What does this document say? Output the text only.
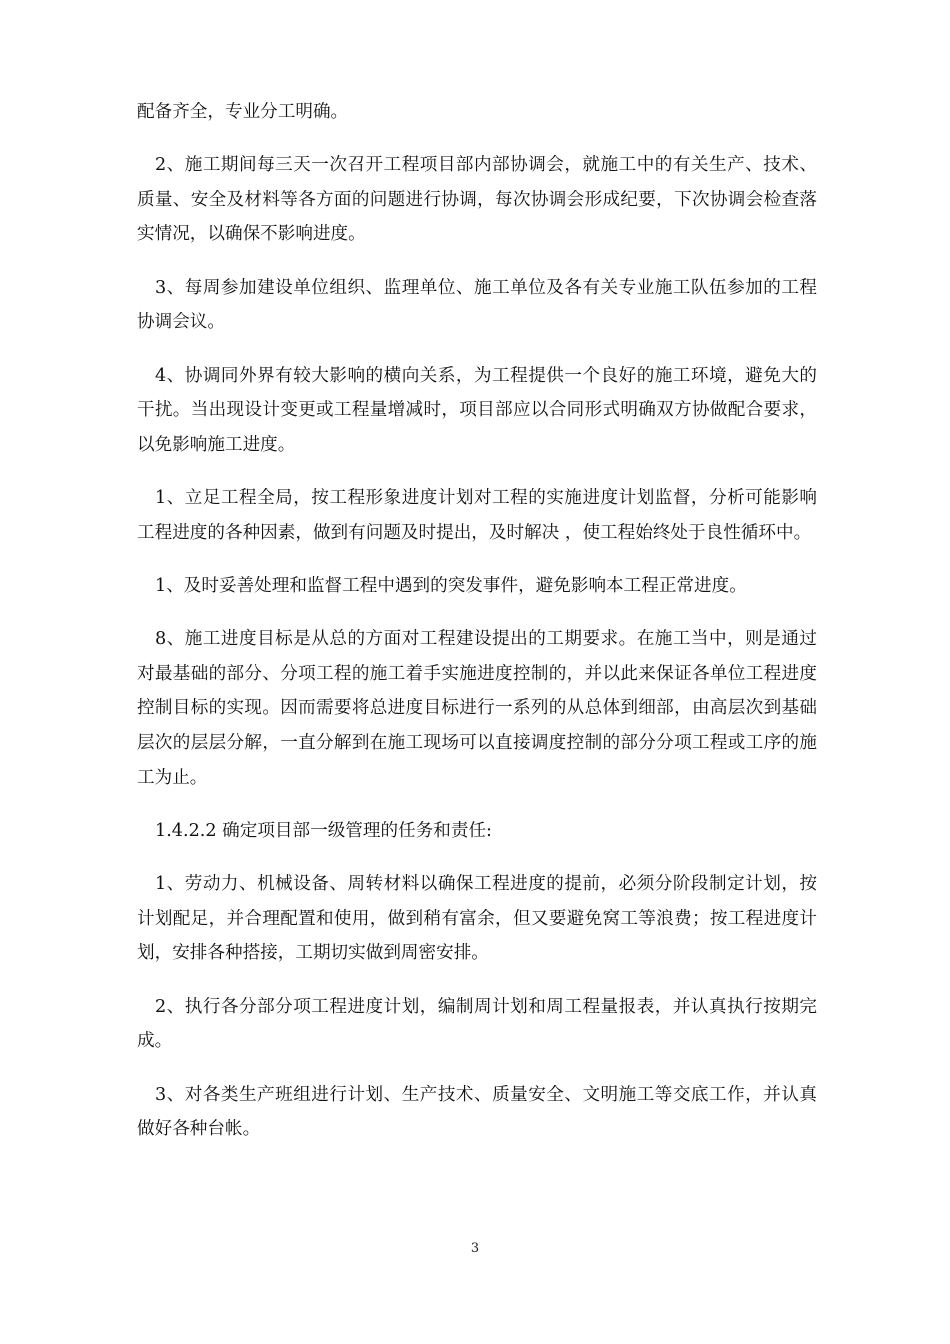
配备齐全，专业分工明确。

2、施工期间每三天一次召开工程项目部内部协调会，就施工中的有关生产、技术、质量、安全及材料等各方面的问题进行协调，每次协调会形成纪要，下次协调会检查落实情况，以确保不影响进度。

3、每周参加建设单位组织、监理单位、施工单位及各有关专业施工队伍参加的工程协调会议。

4、协调同外界有较大影响的横向关系，为工程提供一个良好的施工环境，避免大的干扰。当出现设计变更或工程量增减时，项目部应以合同形式明确双方协做配合要求，以免影响施工进度。

1、立足工程全局，按工程形象进度计划对工程的实施进度计划监督，分析可能影响工程进度的各种因素，做到有问题及时提出，及时解决 ，使工程始终处于良性循环中。

1、及时妥善处理和监督工程中遇到的突发事件，避免影响本工程正常进度。

8、施工进度目标是从总的方面对工程建设提出的工期要求。在施工当中，则是通过对最基础的部分、分项工程的施工着手实施进度控制的，并以此来保证各单位工程进度控制目标的实现。因而需要将总进度目标进行一系列的从总体到细部，由高层次到基础层次的层层分解，一直分解到在施工现场可以直接调度控制的部分分项工程或工序的施工为止。

1.4.2.2 确定项目部一级管理的任务和责任:

1、劳动力、机械设备、周转材料以确保工程进度的提前，必须分阶段制定计划，按计划配足，并合理配置和使用，做到稍有富余，但又要避免窝工等浪费；按工程进度计划，安排各种搭接，工期切实做到周密安排。

2、执行各分部分项工程进度计划，编制周计划和周工程量报表，并认真执行按期完成。

3、对各类生产班组进行计划、生产技术、质量安全、文明施工等交底工作，并认真做好各种台帐。

3
